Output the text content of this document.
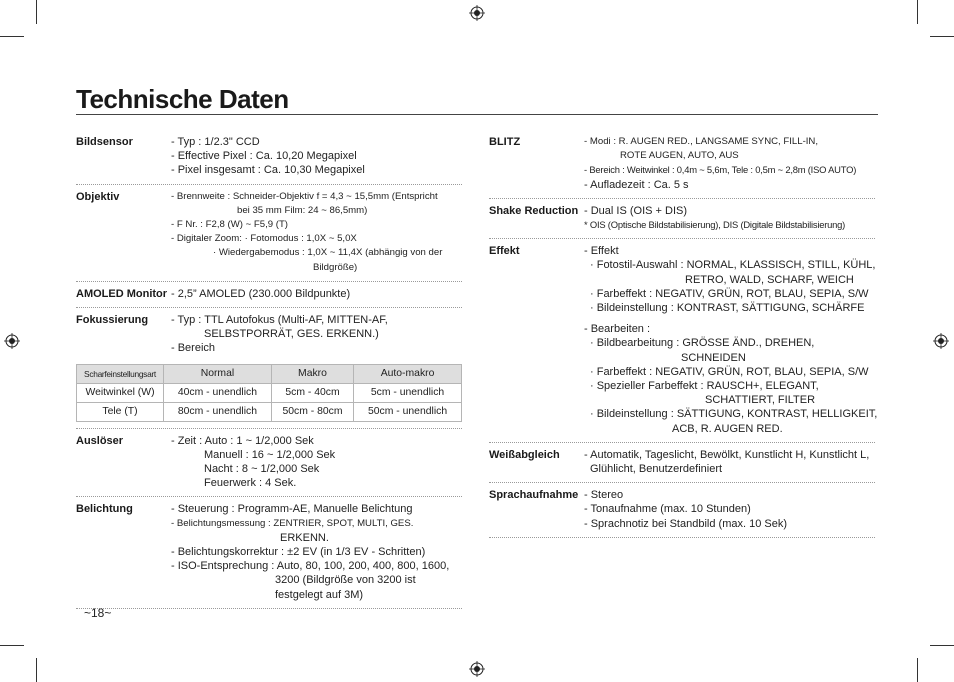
Technische Daten
Bildsensor	- Typ : 1/2.3" CCD
- Effective Pixel : Ca. 10,20 Megapixel
- Pixel insgesamt : Ca. 10,30 Megapixel
Objektiv	- Brennweite : Schneider-Objektiv f = 4,3 ~ 15,5mm (Entspricht
bei 35 mm Film: 24 ~ 86,5mm)
- F Nr. : F2,8 (W) ~ F5,9 (T)
- Digitaler Zoom: · Fotomodus : 1,0X ~ 5,0X
· Wiedergabemodus : 1,0X ~ 11,4X (abhängig von der
Bildgröße)
AMOLED Monitor - 2,5” AMOLED (230.000 Bildpunkte)
Fokussierung	- Typ : TTL Autofokus (Multi-AF, MITTEN-AF,
SELBSTPORRÄT, GES. ERKENN.)
- Bereich
Scharfeinstellungsart	Normal	Makro	Auto-makro
Weitwinkel (W)	40cm - unendlich	5cm - 40cm	5cm - unendlich
Tele (T)	80cm - unendlich	50cm - 80cm	50cm - unendlich
Auslöser	- Zeit : Auto : 1 ~ 1/2,000 Sek
Manuell : 16 ~ 1/2,000 Sek
Nacht : 8 ~ 1/2,000 Sek
Feuerwerk : 4 Sek.
Belichtung	- Steuerung : Programm-AE, Manuelle Belichtung
- Belichtungsmessung : ZENTRIER, SPOT, MULTI, GES.
ERKENN.
- Belichtungskorrektur : ±2 EV (in 1/3 EV - Schritten)
- ISO-Entsprechung : Auto, 80, 100, 200, 400, 800, 1600,
3200 (Bildgröße von 3200 ist
festgelegt auf 3M)
BLITZ	- Modi : R. AUGEN RED., LANGSAME SYNC, FILL-IN,
ROTE AUGEN, AUTO, AUS
- Bereich : Weitwinkel : 0,4m ~ 5,6m, Tele : 0,5m ~ 2,8m (ISO AUTO)
- Aufladezeit : Ca. 5 s
Shake Reduction - Dual IS (OIS + DIS)
* OIS (Optische Bildstabilisierung), DIS (Digitale Bildstabilisierung)
Effekt	- Effekt
· Fotostil-Auswahl : NORMAL, KLASSISCH, STILL, KÜHL,
RETRO, WALD, SCHARF, WEICH
· Farbeffekt : NEGATIV, GRÜN, ROT, BLAU, SEPIA, S/W
· Bildeinstellung : KONTRAST, SÄTTIGUNG, SCHÄRFE
- Bearbeiten :
· Bildbearbeitung : GRÖSSE ÄND., DREHEN,
SCHNEIDEN
· Farbeffekt : NEGATIV, GRÜN, ROT, BLAU, SEPIA, S/W
· Spezieller Farbeffekt : RAUSCH+, ELEGANT,
SCHATTIERT, FILTER
· Bildeinstellung : SÄTTIGUNG, KONTRAST, HELLIGKEIT,
ACB, R. AUGEN RED.
Weißabgleich	- Automatik, Tageslicht, Bewölkt, Kunstlicht H, Kunstlicht L,
Glühlicht, Benutzerdefiniert
Sprachaufnahme - Stereo
- Tonaufnahme (max. 10 Stunden)
- Sprachnotiz bei Standbild (max. 10 Sek)
~18~
